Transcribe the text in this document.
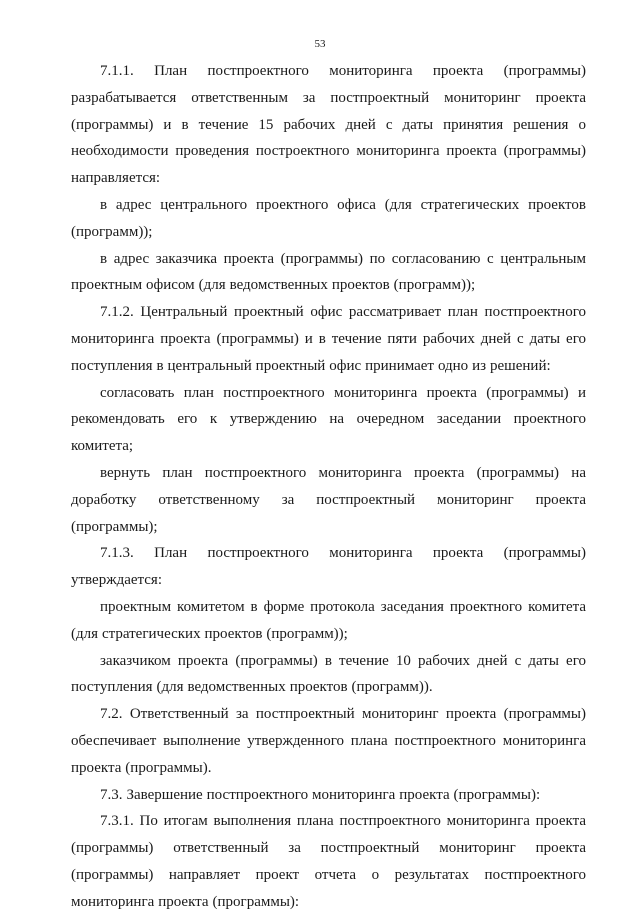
53

7.1.1. План постпроектного мониторинга проекта (программы) разрабатывается ответственным за постпроектный мониторинг проекта (программы) и в течение 15 рабочих дней с даты принятия решения о необходимости проведения построектного мониторинга проекта (программы) направляется:

в адрес центрального проектного офиса (для стратегических проектов (программ));

в адрес заказчика проекта (программы) по согласованию с центральным проектным офисом (для ведомственных проектов (программ));

7.1.2. Центральный проектный офис рассматривает план постпроектного мониторинга проекта (программы) и в течение пяти рабочих дней с даты его поступления в центральный проектный офис принимает одно из решений:

согласовать план постпроектного мониторинга проекта (программы) и рекомендовать его к утверждению на очередном заседании проектного комитета;

вернуть план постпроектного мониторинга проекта (программы) на доработку ответственному за постпроектный мониторинг проекта (программы);

7.1.3. План постпроектного мониторинга проекта (программы) утверждается:

проектным комитетом в форме протокола заседания проектного комитета (для стратегических проектов (программ));

заказчиком проекта (программы) в течение 10 рабочих дней с даты его поступления (для ведомственных проектов (программ)).

7.2. Ответственный за постпроектный мониторинг проекта (программы) обеспечивает выполнение утвержденного плана постпроектного мониторинга проекта (программы).

7.3. Завершение постпроектного мониторинга проекта (программы):

7.3.1. По итогам выполнения плана постпроектного мониторинга проекта (программы) ответственный за постпроектный мониторинг проекта (программы) направляет проект отчета о результатах постпроектного мониторинга проекта (программы):
